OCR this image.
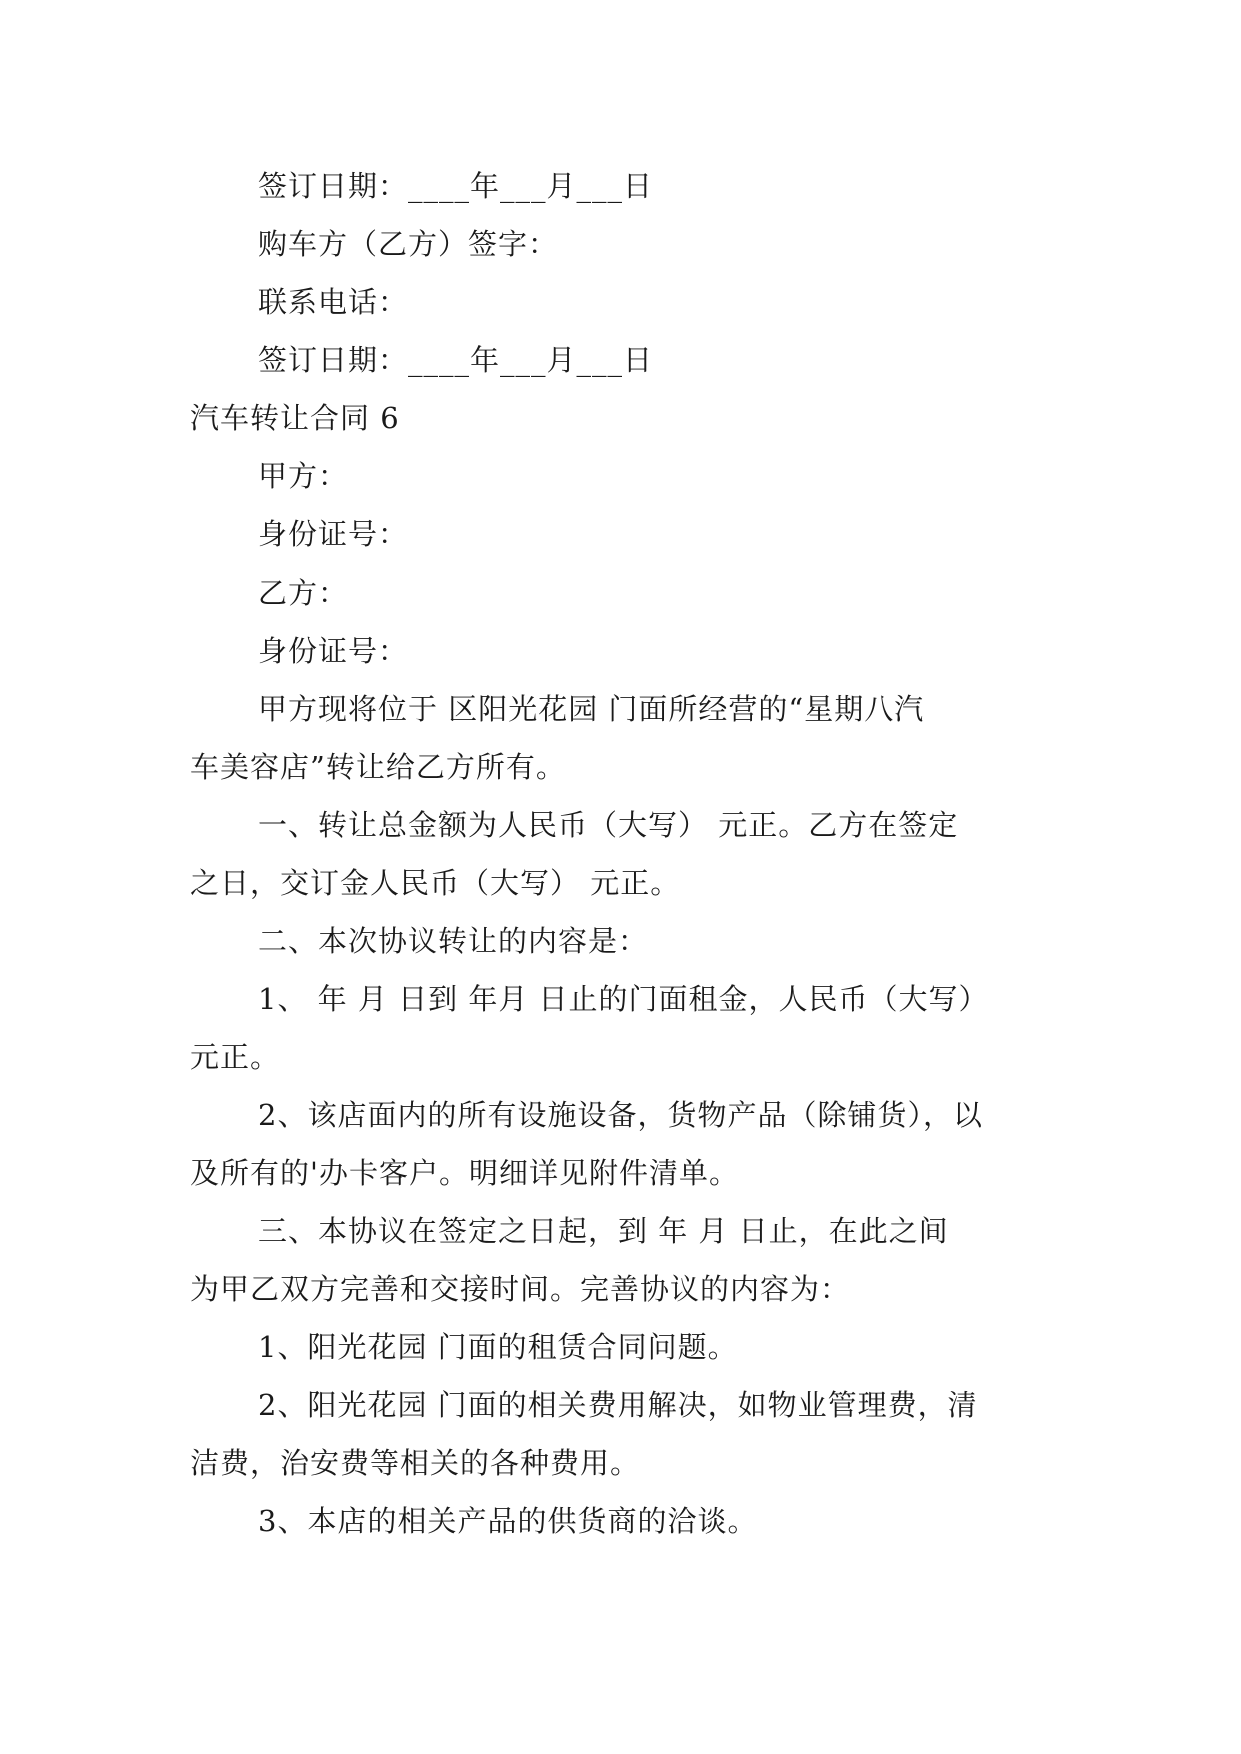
签订日期：____年___月___日
购车方（乙方）签字：
联系电话：
签订日期：____年___月___日
汽车转让合同 6
甲方：
身份证号：
乙方：
身份证号：
甲方现将位于 区阳光花园 门面所经营的“星期八汽
车美容店”转让给乙方所有。
一、转让总金额为人民币（大写） 元正。乙方在签定
之日，交订金人民币（大写） 元正。
二、本次协议转让的内容是：
1、 年 月 日到 年月 日止的门面租金，人民币（大写）
元正。
2、该店面内的所有设施设备，货物产品（除铺货），以
及所有的'办卡客户。明细详见附件清单。
三、本协议在签定之日起，到 年 月 日止，在此之间
为甲乙双方完善和交接时间。完善协议的内容为：
1、阳光花园 门面的租赁合同问题。
2、阳光花园 门面的相关费用解决，如物业管理费，清
洁费，治安费等相关的各种费用。
3、本店的相关产品的供货商的洽谈。
